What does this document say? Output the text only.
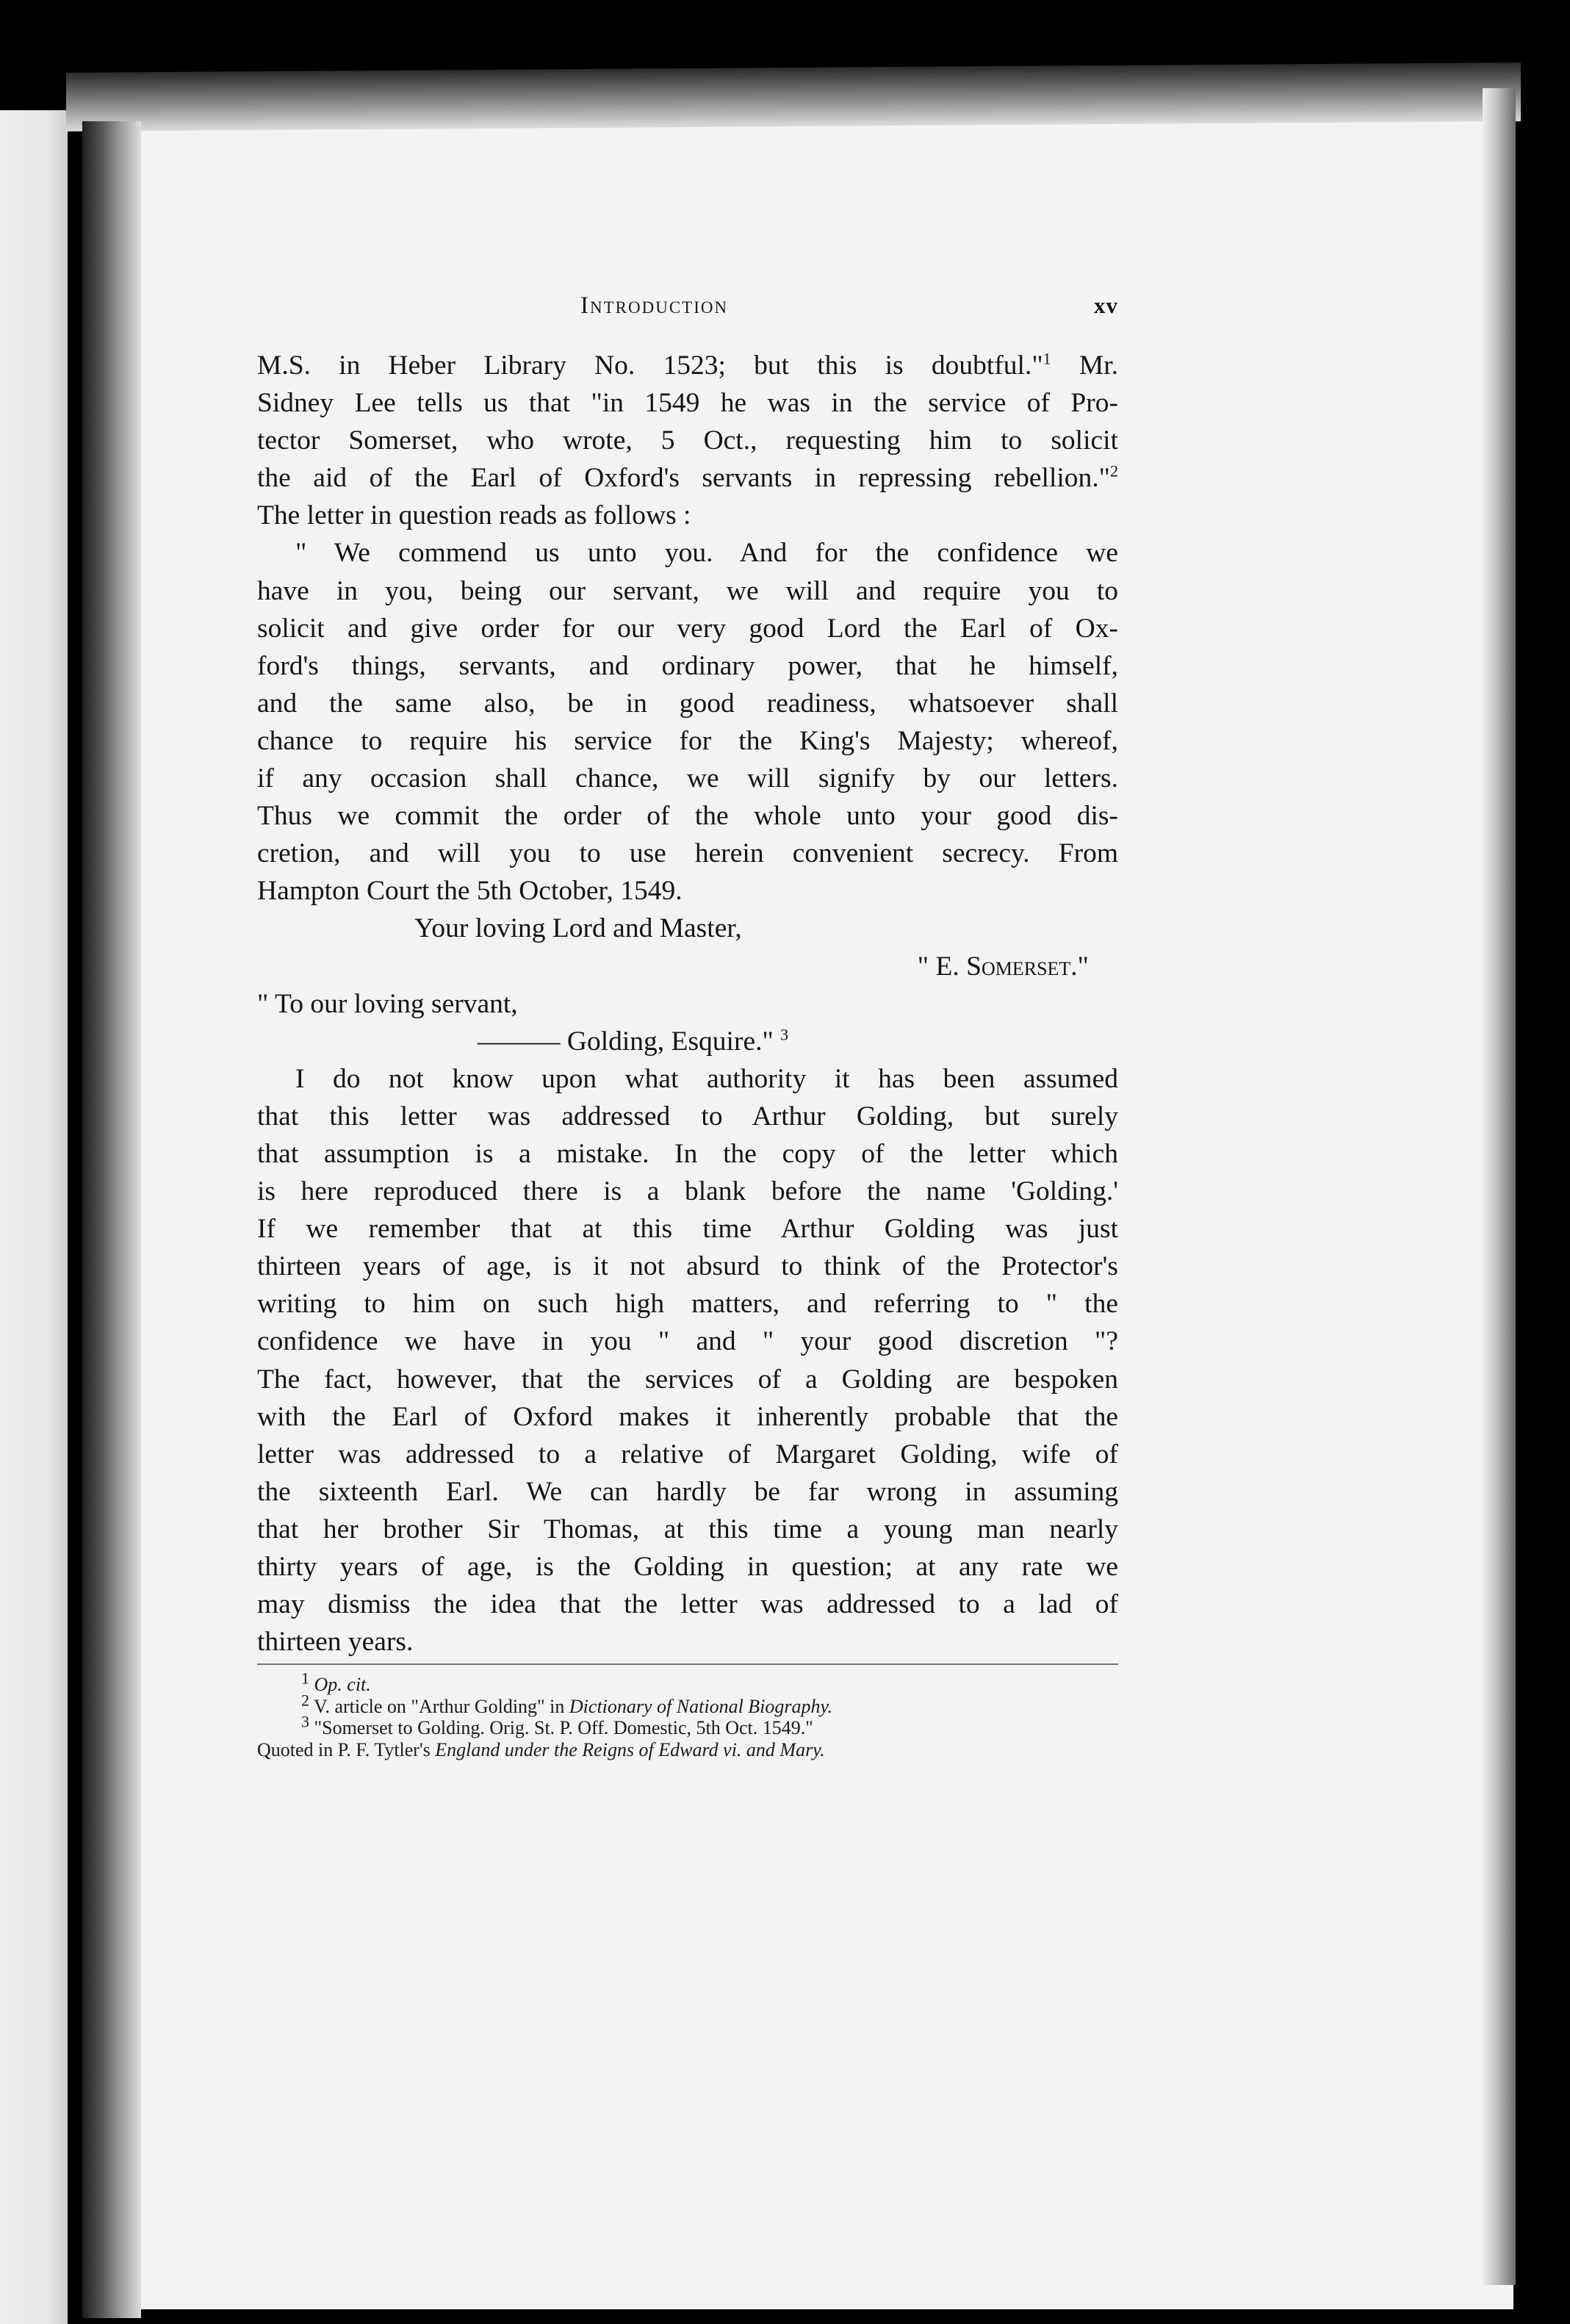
Introduction	xv
M.S. in Heber Library No. 1523; but this is doubtful."$^1$ Mr.
Sidney Lee tells us that "in 1549 he was in the service of Pro-
tector Somerset, who wrote, 5 Oct., requesting him to solicit
the aid of the Earl of Oxford's servants in repressing rebellion."$^2$
The letter in question reads as follows :
" We commend us unto you. And for the confidence we
have in you, being our servant, we will and require you to
solicit and give order for our very good Lord the Earl of Ox-
ford's things, servants, and ordinary power, that he himself,
and the same also, be in good readiness, whatsoever shall
chance to require his service for the King's Majesty; whereof,
if any occasion shall chance, we will signify by our letters.
Thus we commit the order of the whole unto your good dis-
cretion, and will you to use herein convenient secrecy. From
Hampton Court the 5th October, 1549.
Your loving Lord and Master,
" E. Somerset."
" To our loving servant,
——— Golding, Esquire." $^3$
I do not know upon what authority it has been assumed
that this letter was addressed to Arthur Golding, but surely
that assumption is a mistake. In the copy of the letter which
is here reproduced there is a blank before the name 'Golding.'
If we remember that at this time Arthur Golding was just
thirteen years of age, is it not absurd to think of the Protector's
writing to him on such high matters, and referring to " the
confidence we have in you " and " your good discretion "?
The fact, however, that the services of a Golding are bespoken
with the Earl of Oxford makes it inherently probable that the
letter was addressed to a relative of Margaret Golding, wife of
the sixteenth Earl. We can hardly be far wrong in assuming
that her brother Sir Thomas, at this time a young man nearly
thirty years of age, is the Golding in question; at any rate we
may dismiss the idea that the letter was addressed to a lad of
thirteen years.
$^1$ Op. cit.
$^2$ V. article on "Arthur Golding" in Dictionary of National Biography.
$^3$ "Somerset to Golding. Orig. St. P. Off. Domestic, 5th Oct. 1549."
Quoted in P. F. Tytler's England under the Reigns of Edward vi. and Mary.
